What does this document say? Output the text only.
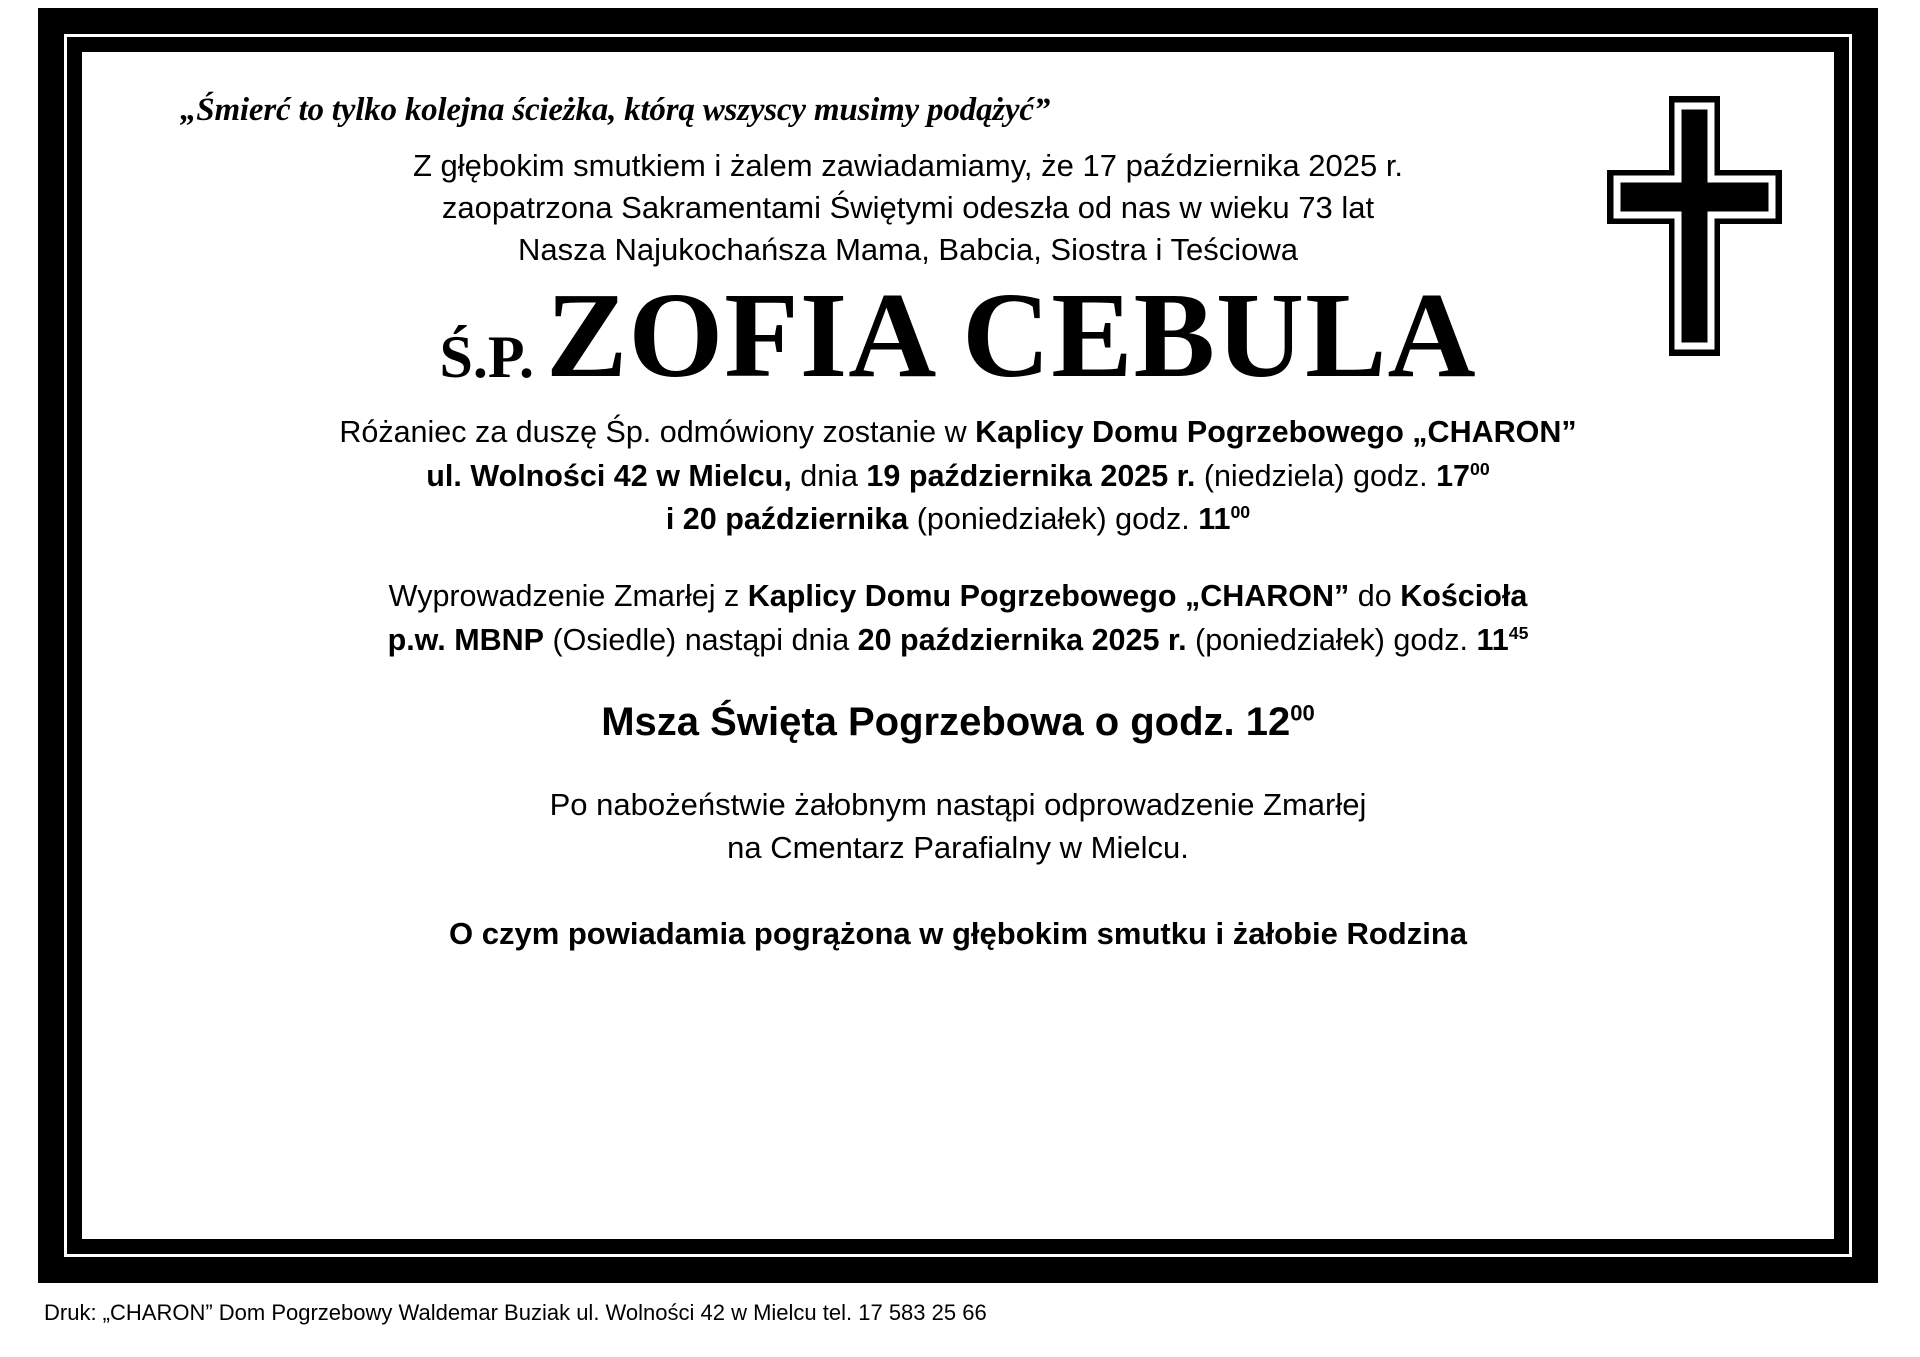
„Śmierć to tylko kolejna ścieżka, którą wszyscy musimy podążyć”
Z głębokim smutkiem i żalem zawiadamiamy, że 17 października 2025 r.
zaopatrzona Sakramentami Świętymi odeszła od nas w wieku 73 lat
Nasza Najukochańsza Mama, Babcia, Siostra i Teściowa
Ś.P. ZOFIA CEBULA
Różaniec za duszę Śp. odmówiony zostanie w Kaplicy Domu Pogrzebowego „CHARON”
ul. Wolności 42 w Mielcu, dnia 19 października 2025 r. (niedziela) godz. $17^{00}$
i 20 października (poniedziałek) godz. $11^{00}$
Wyprowadzenie Zmarłej z Kaplicy Domu Pogrzebowego „CHARON” do Kościoła
p.w. MBNP (Osiedle) nastąpi dnia 20 października 2025 r. (poniedziałek) godz. $11^{45}$
Msza Święta Pogrzebowa o godz. $12^{00}$
Po nabożeństwie żałobnym nastąpi odprowadzenie Zmarłej
na Cmentarz Parafialny w Mielcu.
O czym powiadamia pogrążona w głębokim smutku i żałobie Rodzina
Druk: „CHARON” Dom Pogrzebowy Waldemar Buziak ul. Wolności 42 w Mielcu tel. 17 583 25 66
